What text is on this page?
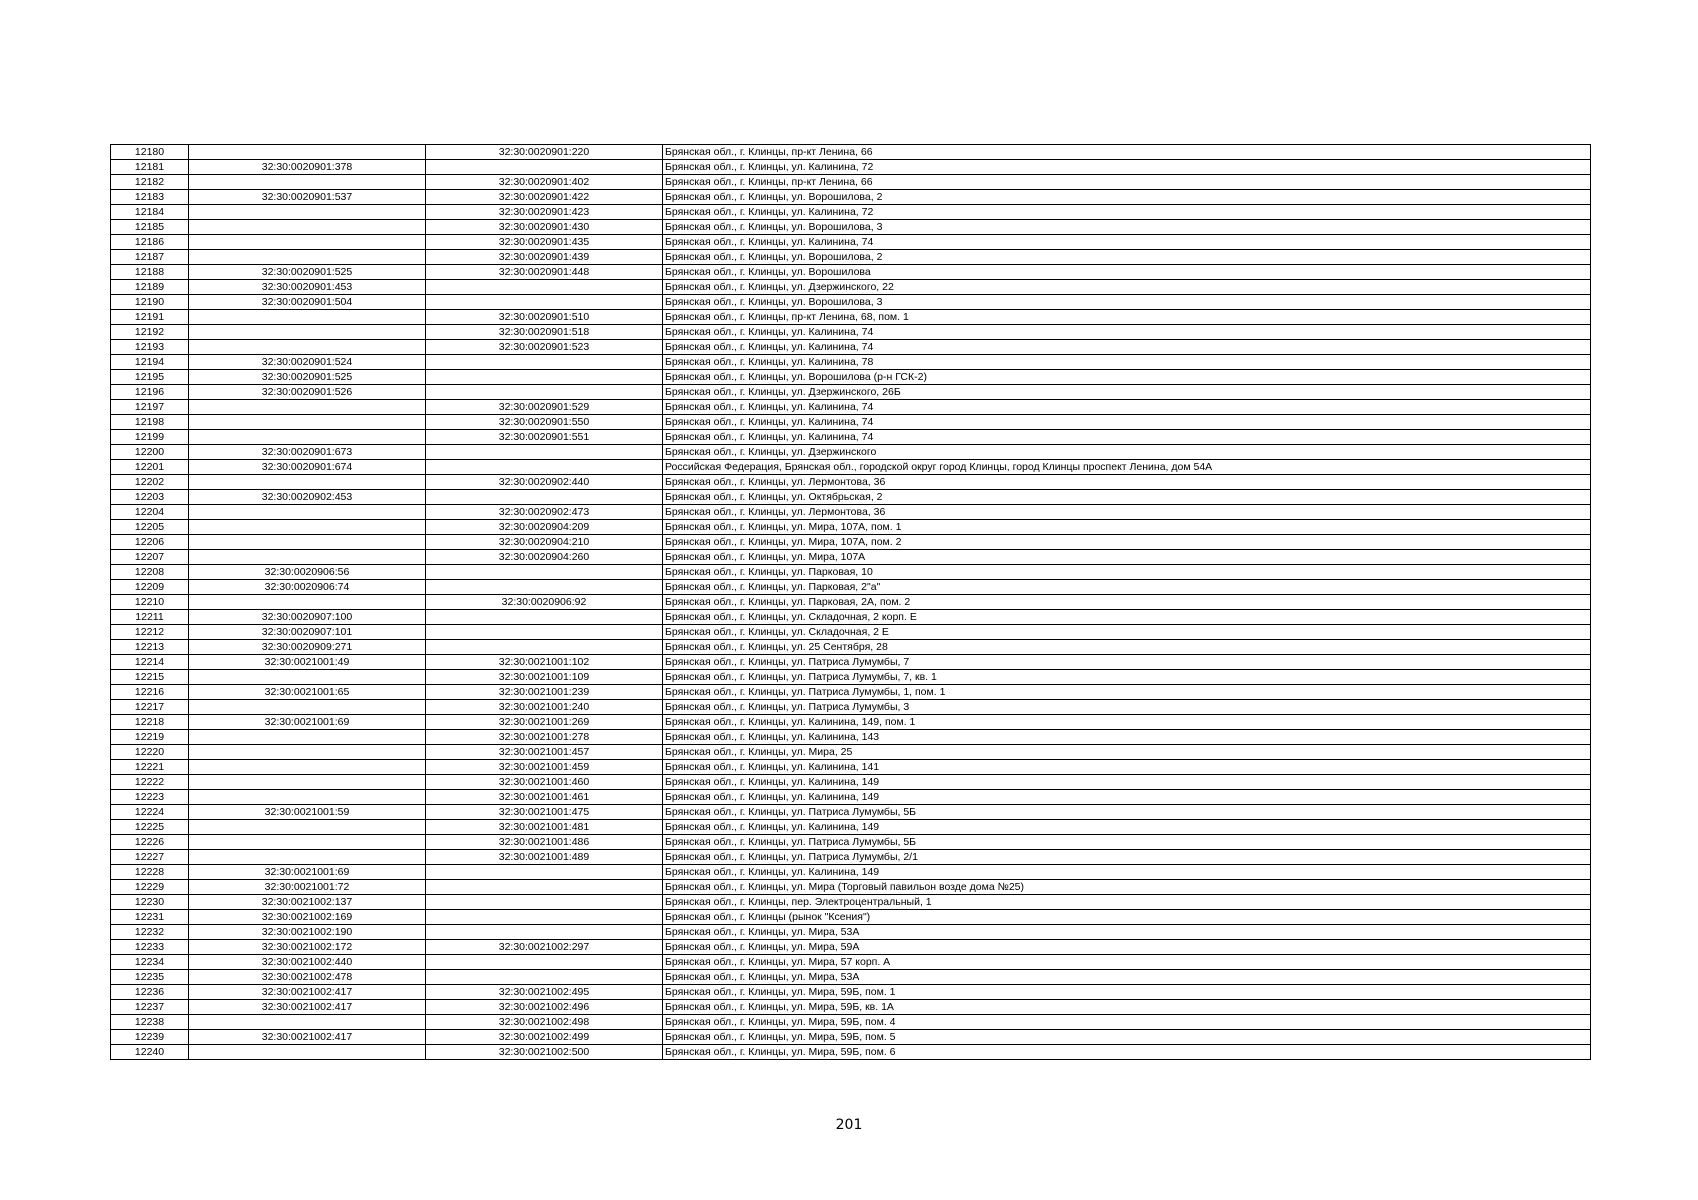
12180		32:30:0020901:220	Брянская обл., г. Клинцы, пр-кт Ленина, 66
12181	32:30:0020901:378		Брянская обл., г. Клинцы, ул. Калинина, 72
12182		32:30:0020901:402	Брянская обл., г. Клинцы, пр-кт Ленина, 66
12183	32:30:0020901:537	32:30:0020901:422	Брянская обл., г. Клинцы, ул. Ворошилова, 2
12184		32:30:0020901:423	Брянская обл., г. Клинцы, ул. Калинина, 72
12185		32:30:0020901:430	Брянская обл., г. Клинцы, ул. Ворошилова, 3
12186		32:30:0020901:435	Брянская обл., г. Клинцы, ул. Калинина, 74
12187		32:30:0020901:439	Брянская обл., г. Клинцы, ул. Ворошилова, 2
12188	32:30:0020901:525	32:30:0020901:448	Брянская обл., г. Клинцы, ул. Ворошилова
12189	32:30:0020901:453		Брянская обл., г. Клинцы, ул. Дзержинского, 22
12190	32:30:0020901:504		Брянская обл., г. Клинцы, ул. Ворошилова, 3
12191		32:30:0020901:510	Брянская обл., г. Клинцы, пр-кт Ленина, 68, пом. 1
12192		32:30:0020901:518	Брянская обл., г. Клинцы, ул. Калинина, 74
12193		32:30:0020901:523	Брянская обл., г. Клинцы, ул. Калинина, 74
12194	32:30:0020901:524		Брянская обл., г. Клинцы, ул. Калинина, 78
12195	32:30:0020901:525		Брянская обл., г. Клинцы, ул. Ворошилова (р-н ГСК-2)
12196	32:30:0020901:526		Брянская обл., г. Клинцы, ул. Дзержинского, 26Б
12197		32:30:0020901:529	Брянская обл., г. Клинцы, ул. Калинина, 74
12198		32:30:0020901:550	Брянская обл., г. Клинцы, ул. Калинина, 74
12199		32:30:0020901:551	Брянская обл., г. Клинцы, ул. Калинина, 74
12200	32:30:0020901:673		Брянская обл., г. Клинцы, ул. Дзержинского
12201	32:30:0020901:674		Российская Федерация, Брянская обл., городской округ город Клинцы, город Клинцы проспект Ленина, дом 54А
12202		32:30:0020902:440	Брянская обл., г. Клинцы, ул. Лермонтова, 36
12203	32:30:0020902:453		Брянская обл., г. Клинцы, ул. Октябрьская, 2
12204		32:30:0020902:473	Брянская обл., г. Клинцы, ул. Лермонтова, 36
12205		32:30:0020904:209	Брянская обл., г. Клинцы, ул. Мира, 107А, пом. 1
12206		32:30:0020904:210	Брянская обл., г. Клинцы, ул. Мира, 107А, пом. 2
12207		32:30:0020904:260	Брянская обл., г. Клинцы, ул. Мира, 107А
12208	32:30:0020906:56		Брянская обл., г. Клинцы, ул. Парковая, 10
12209	32:30:0020906:74		Брянская обл., г. Клинцы, ул. Парковая, 2"а"
12210		32:30:0020906:92	Брянская обл., г. Клинцы, ул. Парковая, 2А, пом. 2
12211	32:30:0020907:100		Брянская обл., г. Клинцы, ул. Складочная, 2 корп. Е
12212	32:30:0020907:101		Брянская обл., г. Клинцы, ул. Складочная, 2 Е
12213	32:30:0020909:271		Брянская обл., г. Клинцы, ул. 25 Сентября, 28
12214	32:30:0021001:49	32:30:0021001:102	Брянская обл., г. Клинцы, ул. Патриса Лумумбы, 7
12215		32:30:0021001:109	Брянская обл., г. Клинцы, ул. Патриса Лумумбы, 7, кв. 1
12216	32:30:0021001:65	32:30:0021001:239	Брянская обл., г. Клинцы, ул. Патриса Лумумбы, 1, пом. 1
12217		32:30:0021001:240	Брянская обл., г. Клинцы, ул. Патриса Лумумбы, 3
12218	32:30:0021001:69	32:30:0021001:269	Брянская обл., г. Клинцы, ул. Калинина, 149, пом. 1
12219		32:30:0021001:278	Брянская обл., г. Клинцы, ул. Калинина, 143
12220		32:30:0021001:457	Брянская обл., г. Клинцы, ул. Мира, 25
12221		32:30:0021001:459	Брянская обл., г. Клинцы, ул. Калинина, 141
12222		32:30:0021001:460	Брянская обл., г. Клинцы, ул. Калинина, 149
12223		32:30:0021001:461	Брянская обл., г. Клинцы, ул. Калинина, 149
12224	32:30:0021001:59	32:30:0021001:475	Брянская обл., г. Клинцы, ул. Патриса Лумумбы, 5Б
12225		32:30:0021001:481	Брянская обл., г. Клинцы, ул. Калинина, 149
12226		32:30:0021001:486	Брянская обл., г. Клинцы, ул. Патриса Лумумбы, 5Б
12227		32:30:0021001:489	Брянская обл., г. Клинцы, ул. Патриса Лумумбы, 2/1
12228	32:30:0021001:69		Брянская обл., г. Клинцы, ул. Калинина, 149
12229	32:30:0021001:72		Брянская обл., г. Клинцы, ул. Мира (Торговый павильон возде дома №25)
12230	32:30:0021002:137		Брянская обл., г. Клинцы, пер. Электроцентральный, 1
12231	32:30:0021002:169		Брянская обл., г. Клинцы (рынок "Ксения")
12232	32:30:0021002:190		Брянская обл., г. Клинцы, ул. Мира, 53А
12233	32:30:0021002:172	32:30:0021002:297	Брянская обл., г. Клинцы, ул. Мира, 59А
12234	32:30:0021002:440		Брянская обл., г. Клинцы, ул. Мира, 57 корп. А
12235	32:30:0021002:478		Брянская обл., г. Клинцы, ул. Мира, 53А
12236	32:30:0021002:417	32:30:0021002:495	Брянская обл., г. Клинцы, ул. Мира, 59Б, пом. 1
12237	32:30:0021002:417	32:30:0021002:496	Брянская обл., г. Клинцы, ул. Мира, 59Б, кв. 1А
12238		32:30:0021002:498	Брянская обл., г. Клинцы, ул. Мира, 59Б, пом. 4
12239	32:30:0021002:417	32:30:0021002:499	Брянская обл., г. Клинцы, ул. Мира, 59Б, пом. 5
12240		32:30:0021002:500	Брянская обл., г. Клинцы, ул. Мира, 59Б, пом. 6
201
